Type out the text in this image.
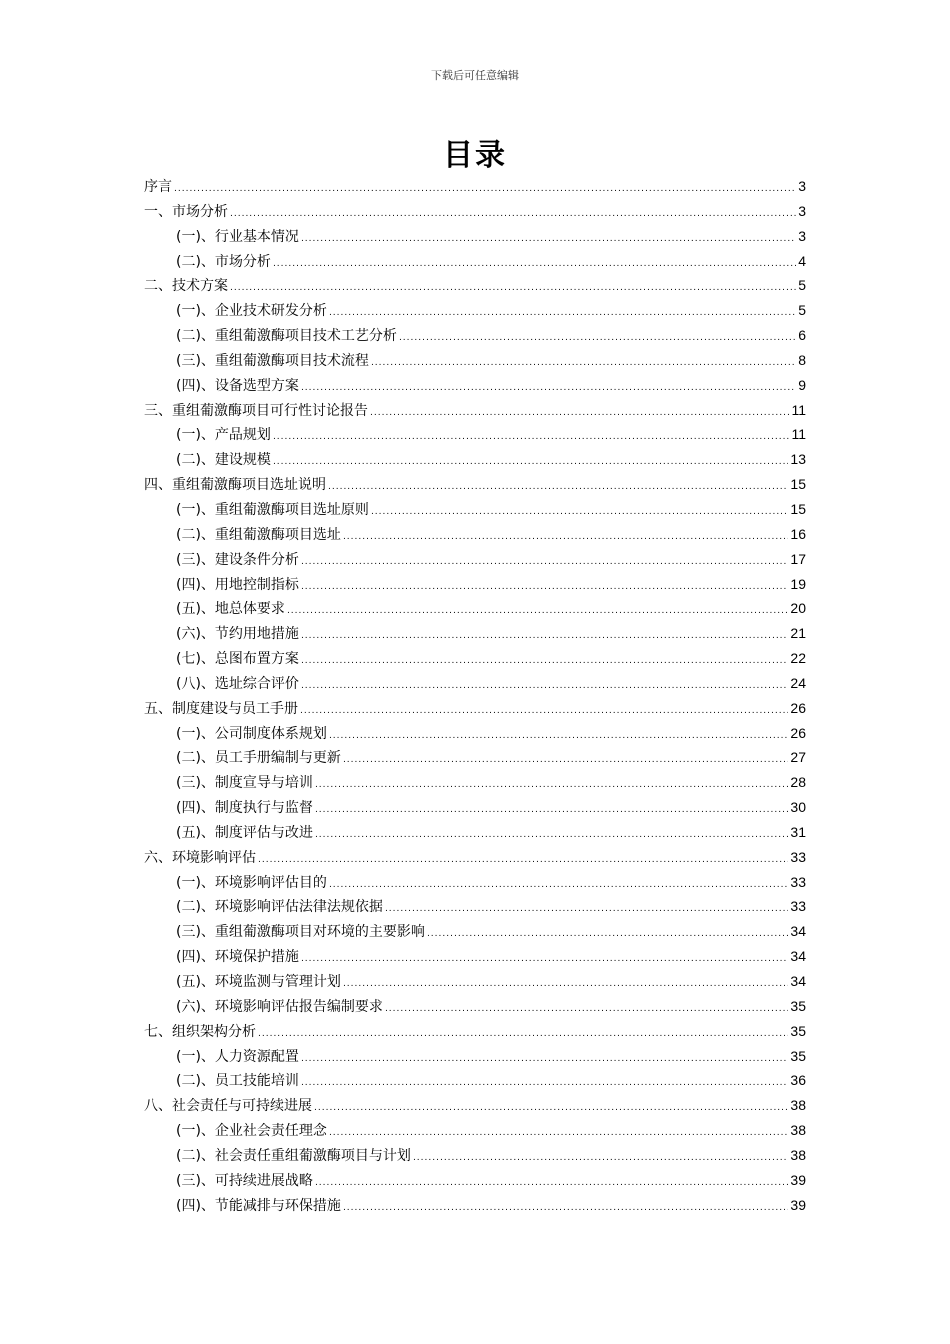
下载后可任意编辑
目录
序言 .....	3
一、市场分析 .....	3
(一)、行业基本情况 .....	3
(二)、市场分析 .....	4
二、技术方案 .....	5
(一)、企业技术研发分析 .....	5
(二)、重组葡激酶项目技术工艺分析 .....	6
(三)、重组葡激酶项目技术流程 .....	8
(四)、设备选型方案 .....	9
三、重组葡激酶项目可行性讨论报告 .....	11
(一)、产品规划 .....	11
(二)、建设规模 .....	13
四、重组葡激酶项目选址说明 .....	15
(一)、重组葡激酶项目选址原则 .....	15
(二)、重组葡激酶项目选址 .....	16
(三)、建设条件分析 .....	17
(四)、用地控制指标 .....	19
(五)、地总体要求 .....	20
(六)、节约用地措施 .....	21
(七)、总图布置方案 .....	22
(八)、选址综合评价 .....	24
五、制度建设与员工手册 .....	26
(一)、公司制度体系规划 .....	26
(二)、员工手册编制与更新 .....	27
(三)、制度宣导与培训 .....	28
(四)、制度执行与监督 .....	30
(五)、制度评估与改进 .....	31
六、环境影响评估 .....	33
(一)、环境影响评估目的 .....	33
(二)、环境影响评估法律法规依据 .....	33
(三)、重组葡激酶项目对环境的主要影响 .....	34
(四)、环境保护措施 .....	34
(五)、环境监测与管理计划 .....	34
(六)、环境影响评估报告编制要求 .....	35
七、组织架构分析 .....	35
(一)、人力资源配置 .....	35
(二)、员工技能培训 .....	36
八、社会责任与可持续进展 .....	38
(一)、企业社会责任理念 .....	38
(二)、社会责任重组葡激酶项目与计划 .....	38
(三)、可持续进展战略 .....	39
(四)、节能减排与环保措施 .....	39
